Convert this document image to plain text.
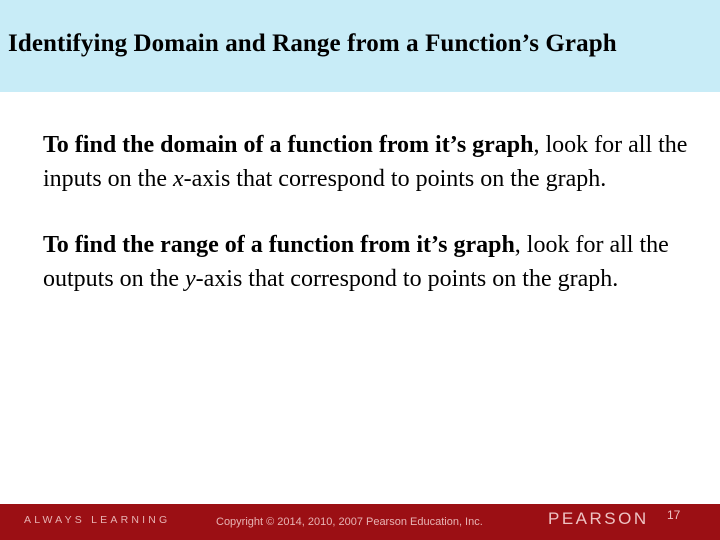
Identifying Domain and Range from a Function’s Graph

To find the domain of a function from it’s graph, look for all the inputs on the x-axis that correspond to points on the graph.

To find the range of a function from it’s graph, look for all the outputs on the y-axis that correspond to points on the graph.

ALWAYS LEARNING	Copyright © 2014, 2010, 2007 Pearson Education, Inc.	PEARSON 17
